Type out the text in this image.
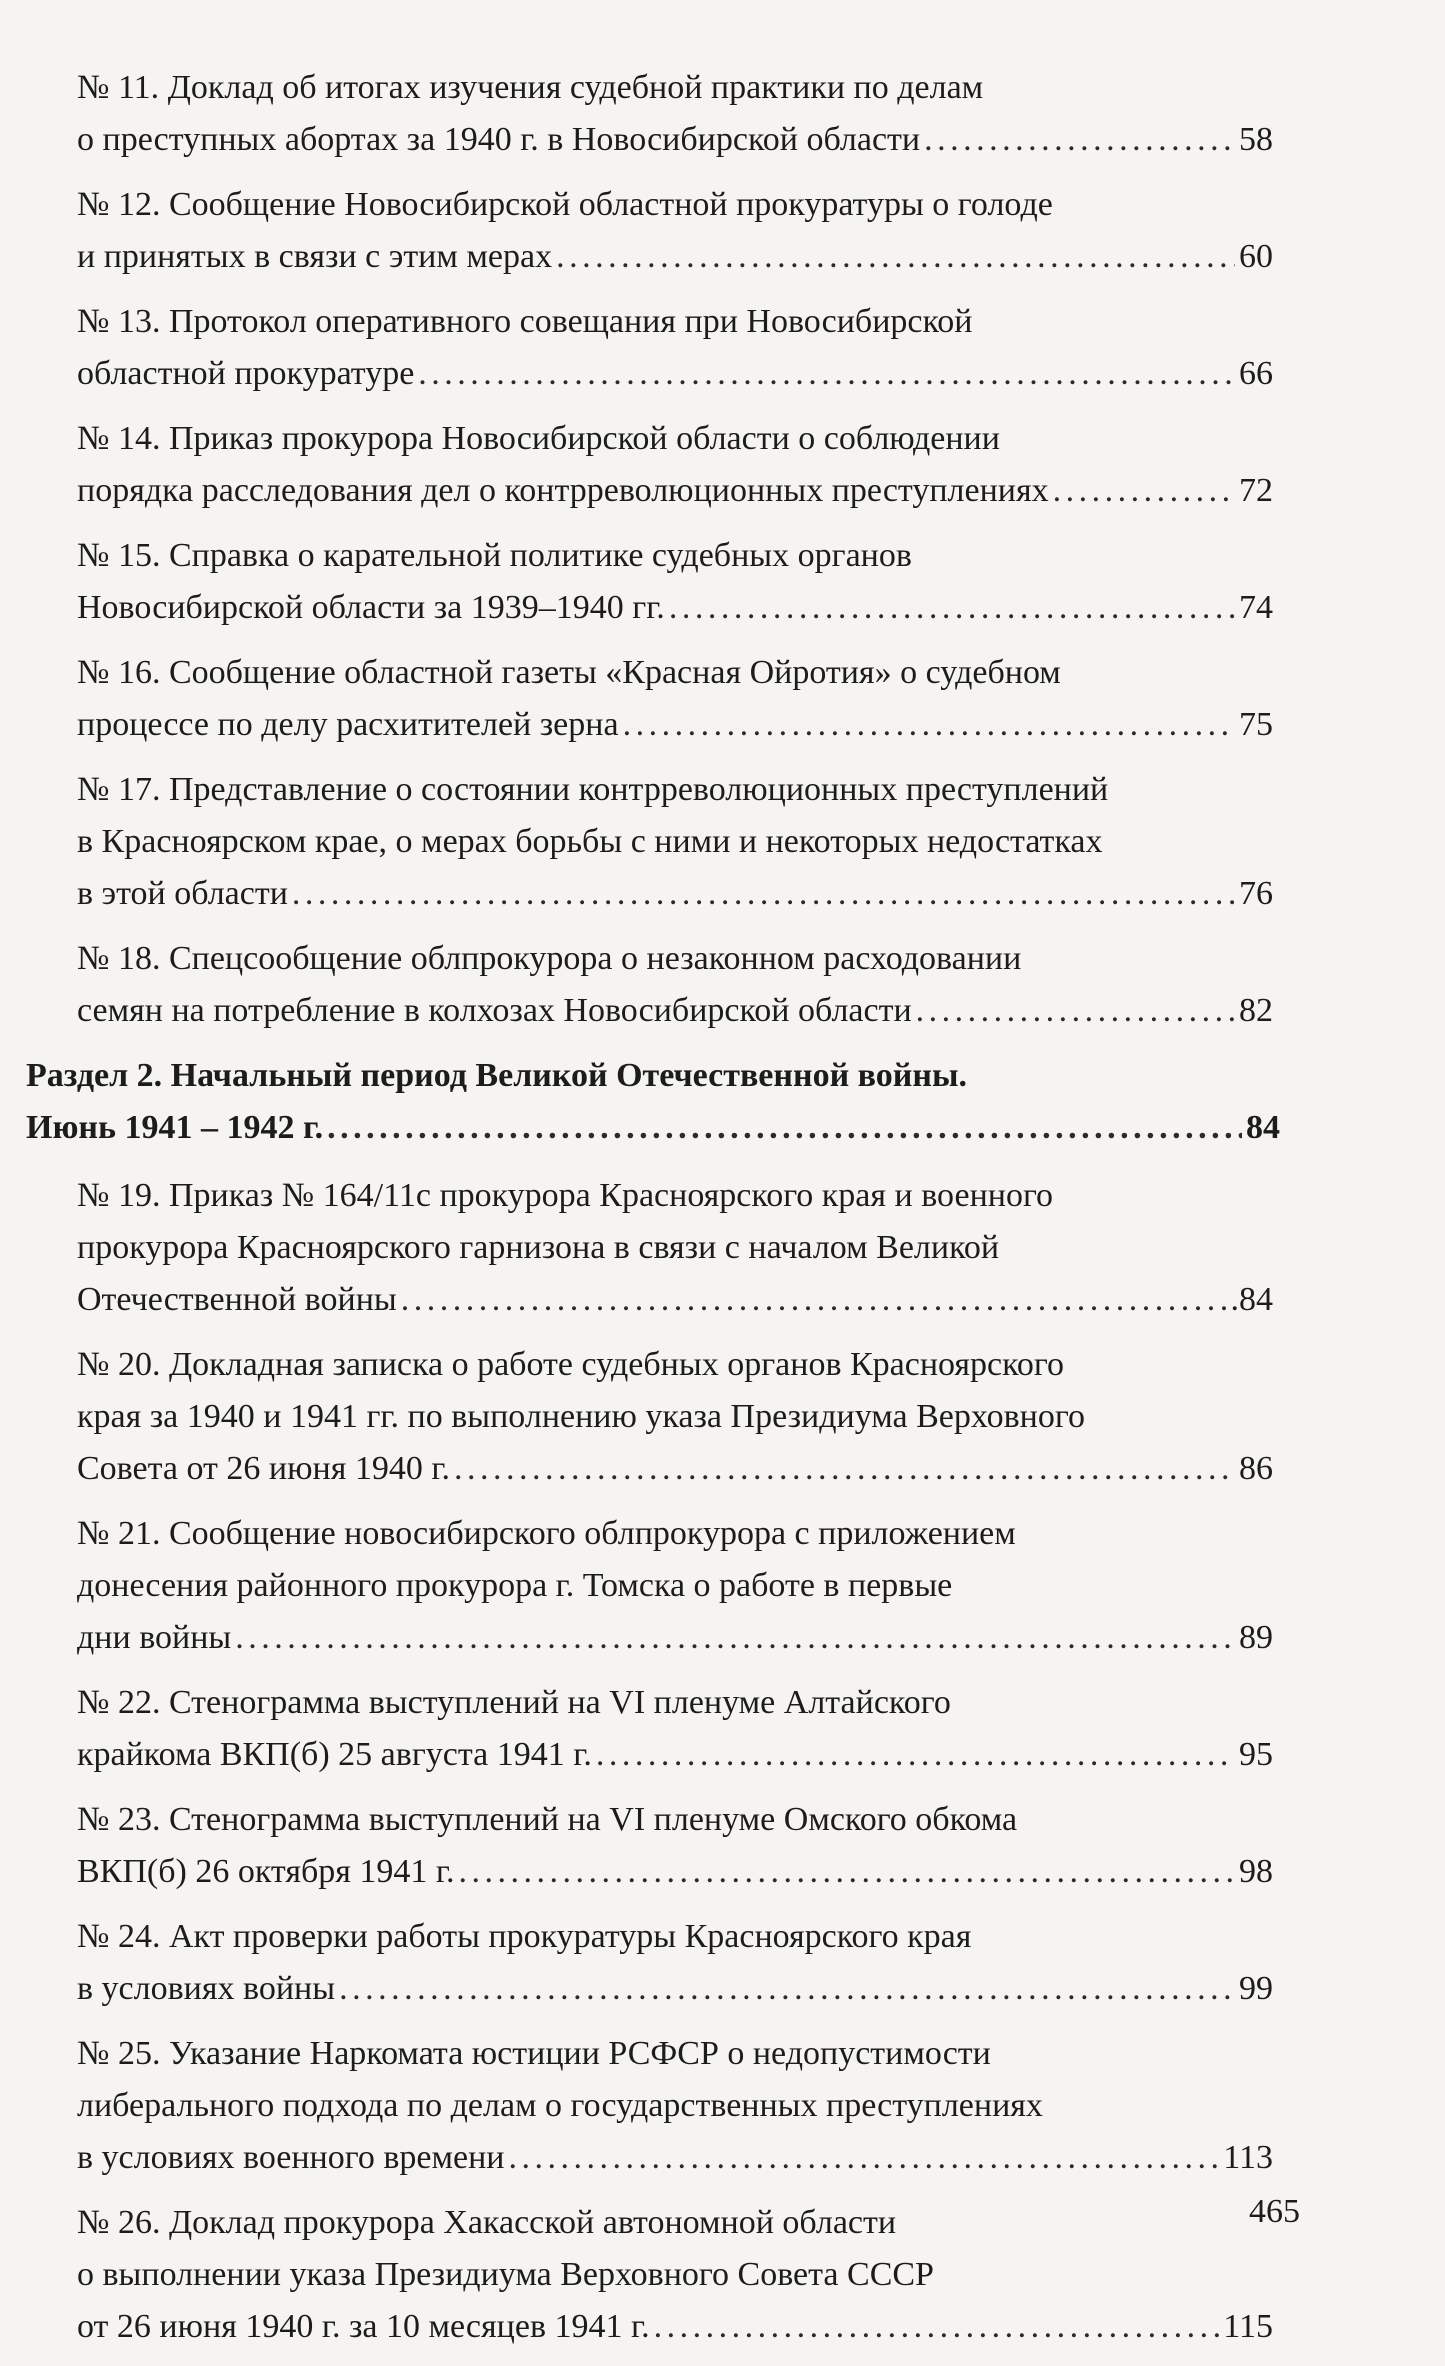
№ 11.
Доклад об итогах изучения судебной практики по делам
о преступных абортах за 1940 г. в Новосибирской области . . .	58
№ 12.
Сообщение Новосибирской областной прокуратуры о голоде
и принятых в связи с этим мерах . . .	60
№ 13.
Протокол оперативного совещания при Новосибирской
областной прокуратуре . . .	66
№ 14.
Приказ прокурора Новосибирской области о соблюдении
порядка расследования дел о контрреволюционных преступлениях . . .	72
№ 15.
Справка о карательной политике судебных органов
Новосибирской области за 1939–1940 гг. . . .	74
№ 16.
Сообщение областной газеты «Красная Ойротия» о судебном
процессе по делу расхитителей зерна . . .	75
№ 17.
Представление о состоянии контрреволюционных преступлений
в Красноярском крае, о мерах борьбы с ними и некоторых недостатках
в этой области . . .	76
№ 18.
Спецсообщение облпрокурора о незаконном расходовании
семян на потребление в колхозах Новосибирской области . . .	82
Раздел 2. Начальный период Великой Отечественной войны.
Июнь 1941 – 1942 г. . . .	84
№ 19.
Приказ № 164/11с прокурора Красноярского края и военного
прокурора Красноярского гарнизона в связи с началом Великой
Отечественной войны . . .	.84
№ 20.
Докладная записка о работе судебных органов Красноярского
края за 1940 и 1941 гг. по выполнению указа Президиума Верховного
Совета от 26 июня 1940 г. . . .	86
№ 21.
Сообщение новосибирского облпрокурора с приложением
донесения районного прокурора г. Томска о работе в первые
дни войны . . .	89
№ 22.
Стенограмма выступлений на VI пленуме Алтайского
крайкома ВКП(б) 25 августа 1941 г. . . .	95
№ 23.
Стенограмма выступлений на VI пленуме Омского обкома
ВКП(б) 26 октября 1941 г. . . .	98
№ 24.
Акт проверки работы прокуратуры Красноярского края
в условиях войны . . .	99
№ 25.
Указание Наркомата юстиции РСФСР о недопустимости
либерального подхода по делам о государственных преступлениях
в условиях военного времени . . .	113
№ 26.
Доклад прокурора Хакасской автономной области
о выполнении указа Президиума Верховного Совета СССР
от 26 июня 1940 г. за 10 месяцев 1941 г. . . .	115
465
